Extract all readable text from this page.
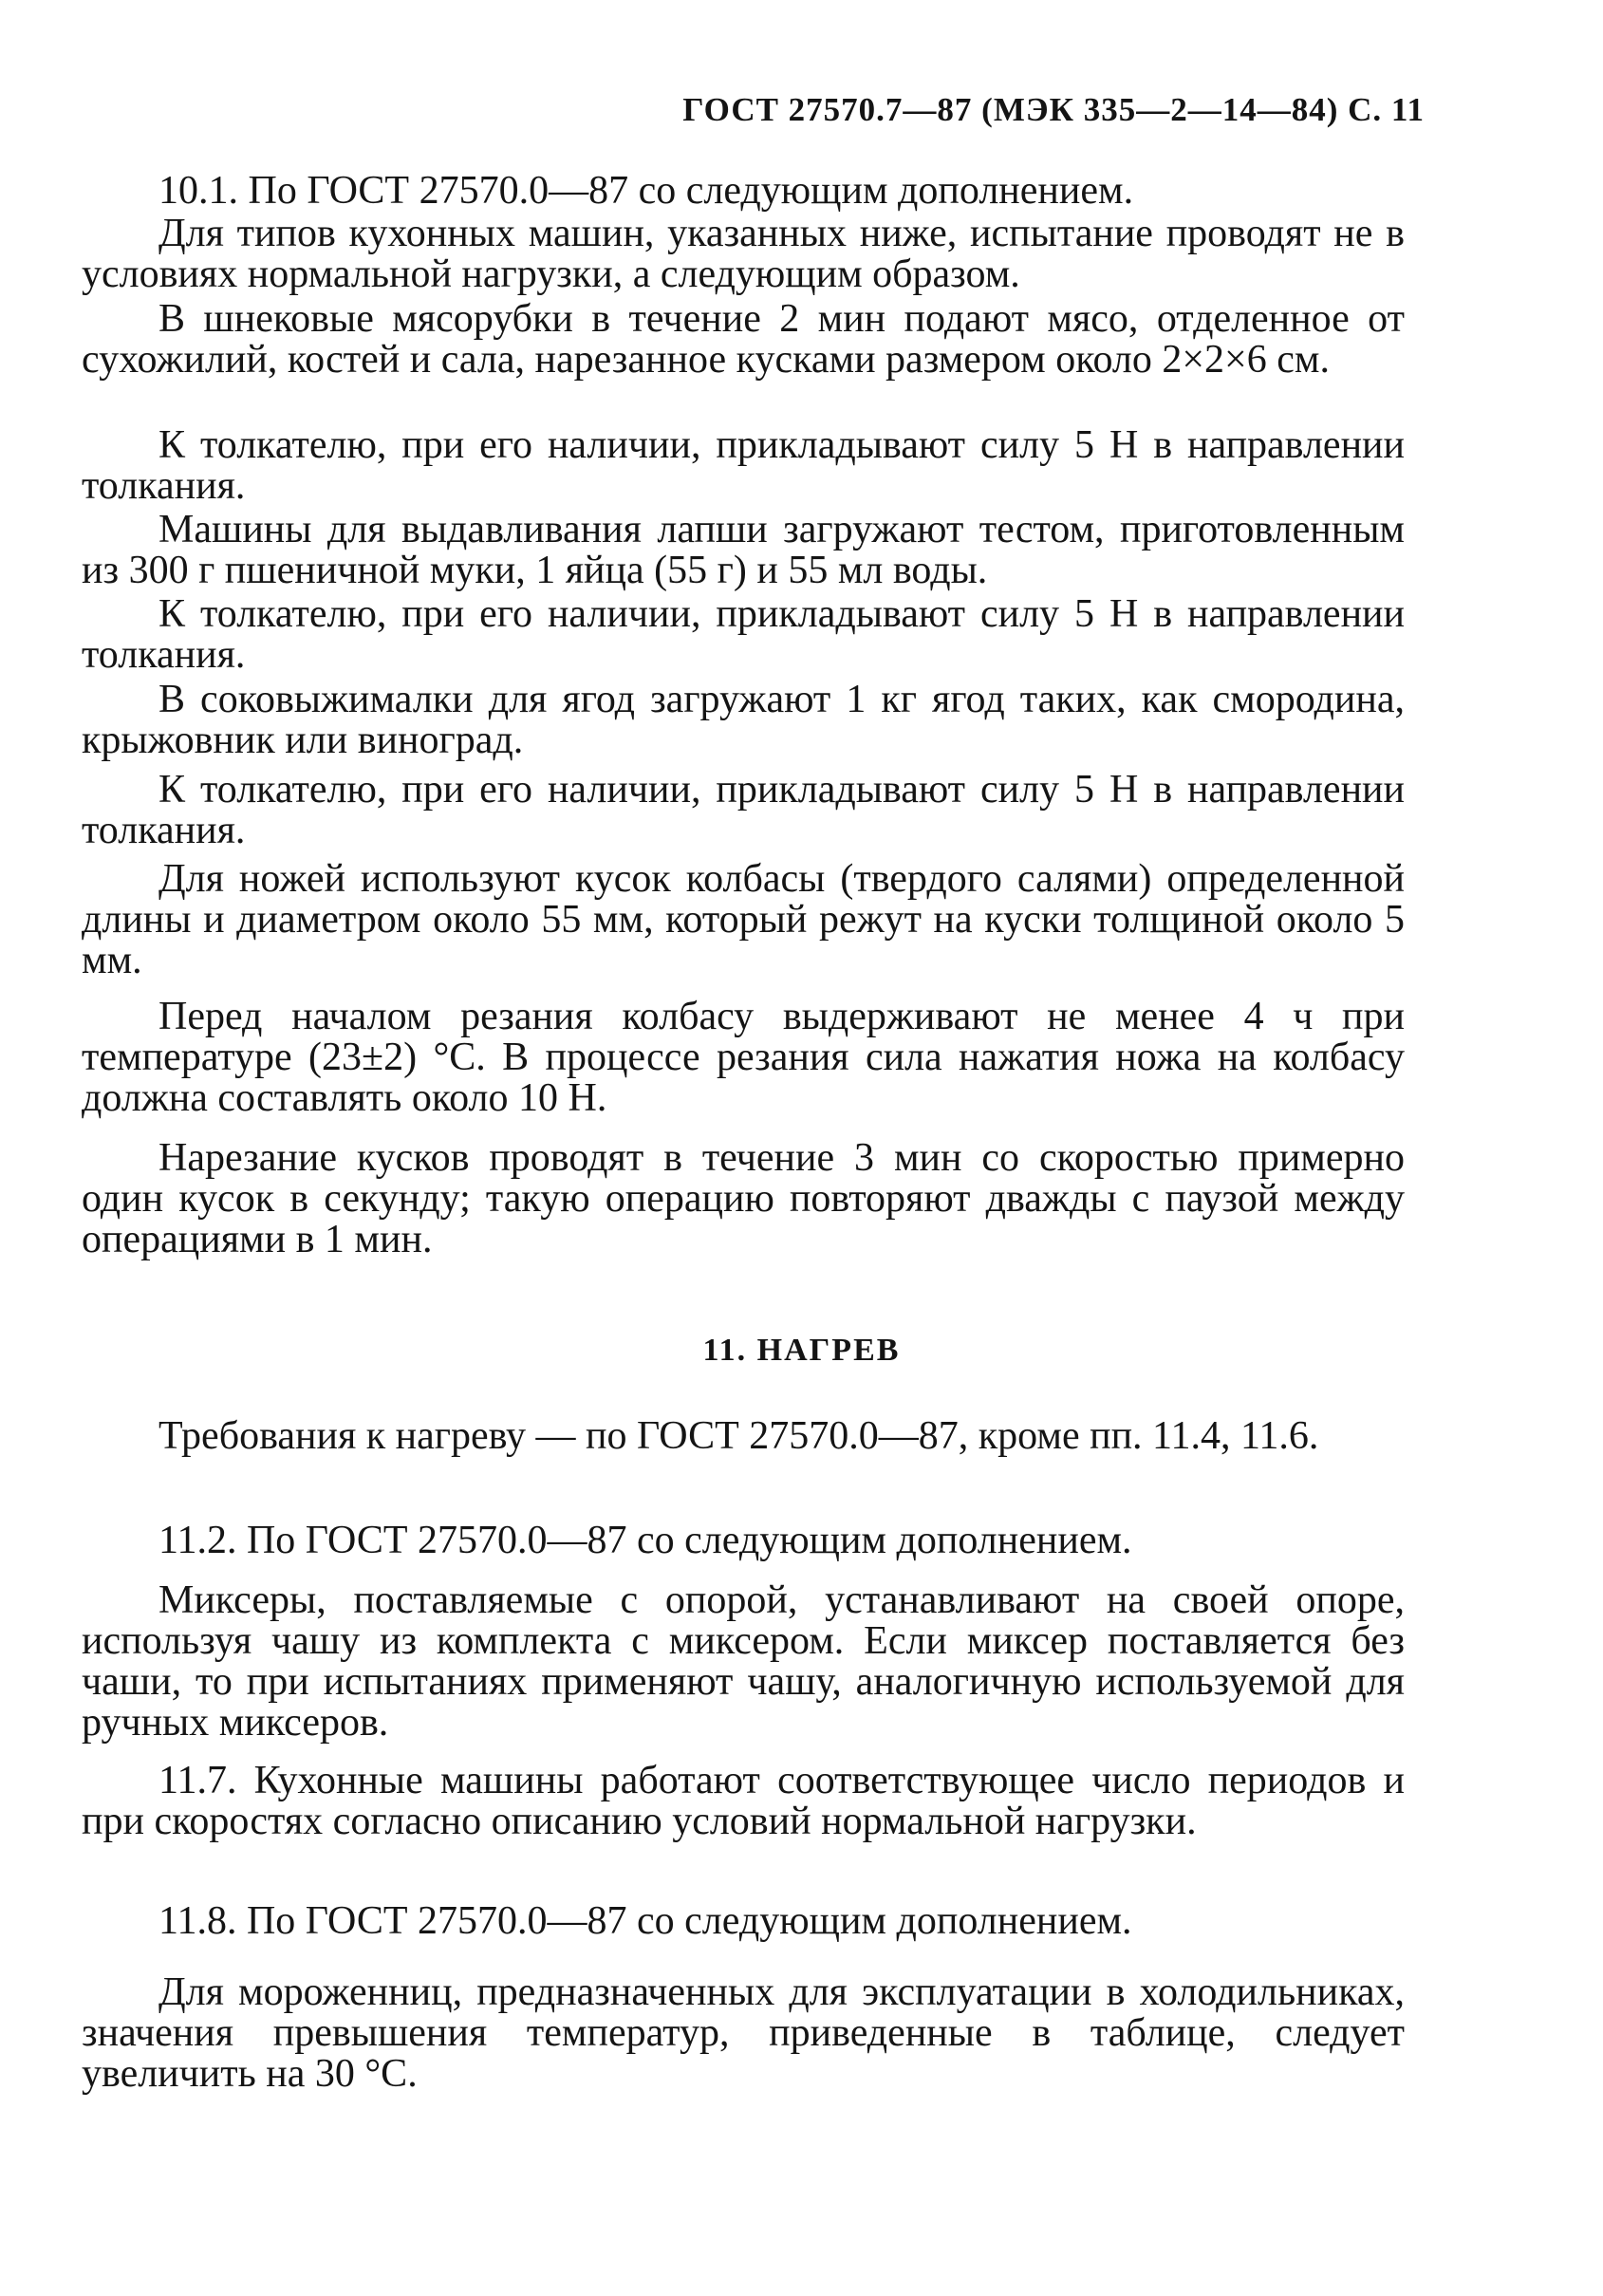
ГОСТ 27570.7—87 (МЭК 335—2—14—84) С. 11

10.1. По ГОСТ 27570.0—87 со следующим дополнением.

Для типов кухонных машин, указанных ниже, испытание проводят не в условиях нормальной нагрузки, а следующим образом.

В шнековые мясорубки в течение 2 мин подают мясо, отделенное от сухожилий, костей и сала, нарезанное кусками размером около 2×2×6 см.

К толкателю, при его наличии, прикладывают силу 5 Н в направлении толкания.

Машины для выдавливания лапши загружают тестом, приготовленным из 300 г пшеничной муки, 1 яйца (55 г) и 55 мл воды.

К толкателю, при его наличии, прикладывают силу 5 Н в направлении толкания.

В соковыжималки для ягод загружают 1 кг ягод таких, как смородина, крыжовник или виноград.

К толкателю, при его наличии, прикладывают силу 5 Н в направлении толкания.

Для ножей используют кусок колбасы (твердого салями) определенной длины и диаметром около 55 мм, который режут на куски толщиной около 5 мм.

Перед началом резания колбасу выдерживают не менее 4 ч при температуре (23±2) °С. В процессе резания сила нажатия ножа на колбасу должна составлять около 10 Н.

Нарезание кусков проводят в течение 3 мин со скоростью примерно один кусок в секунду; такую операцию повторяют дважды с паузой между операциями в 1 мин.

11. НАГРЕВ

Требования к нагреву — по ГОСТ 27570.0—87, кроме пп. 11.4, 11.6.

11.2. По ГОСТ 27570.0—87 со следующим дополнением.

Миксеры, поставляемые с опорой, устанавливают на своей опоре, используя чашу из комплекта с миксером. Если миксер поставляется без чаши, то при испытаниях применяют чашу, аналогичную используемой для ручных миксеров.

11.7. Кухонные машины работают соответствующее число периодов и при скоростях согласно описанию условий нормальной нагрузки.

11.8. По ГОСТ 27570.0—87 со следующим дополнением.

Для мороженниц, предназначенных для эксплуатации в холодильниках, значения превышения температур, приведенные в таблице, следует увеличить на 30 °С.
